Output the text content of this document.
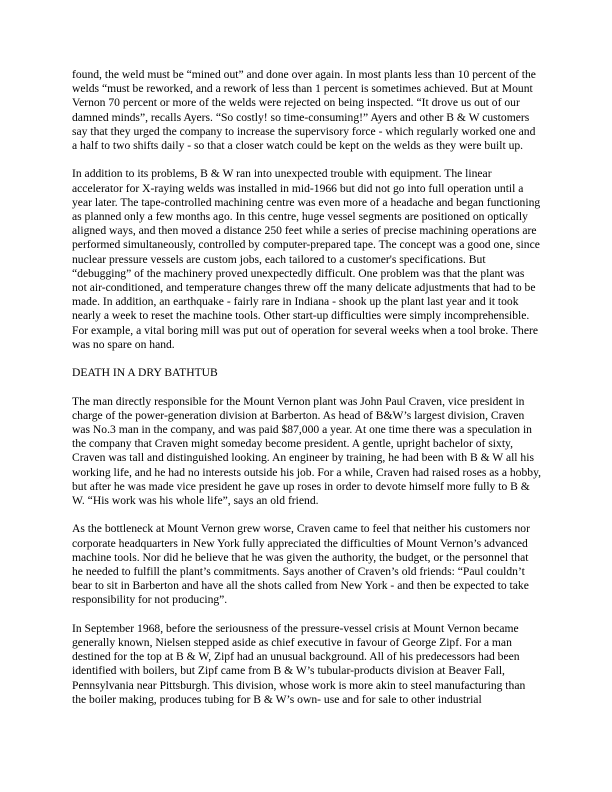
found, the weld must be “mined out” and done over again. In most plants less than 10 percent of the welds “must be reworked, and a rework of less than 1 percent is sometimes achieved. But at Mount Vernon 70 percent or more of the welds were rejected on being inspected. “It drove us out of our damned minds”, recalls Ayers. “So costly! so time-consuming!” Ayers and other B & W customers say that they urged the company to increase the supervisory force - which regularly worked one and a half to two shifts daily - so that a closer watch could be kept on the welds as they were built up.

In addition to its problems, B & W ran into unexpected trouble with equipment. The linear accelerator for X-raying welds was installed in mid-1966 but did not go into full operation until a year later. The tape-controlled machining centre was even more of a headache and began functioning as planned only a few months ago. In this centre, huge vessel segments are positioned on optically aligned ways, and then moved a distance 250 feet while a series of precise machining operations are performed simultaneously, controlled by computer-prepared tape. The concept was a good one, since nuclear pressure vessels are custom jobs, each tailored to a customer's specifications. But “debugging” of the machinery proved unexpectedly difficult. One problem was that the plant was not air-conditioned, and temperature changes threw off the many delicate adjustments that had to be made. In addition, an earthquake - fairly rare in Indiana - shook up the plant last year and it took nearly a week to reset the machine tools. Other start-up difficulties were simply incomprehensible. For example, a vital boring mill was put out of operation for several weeks when a tool broke. There was no spare on hand.

DEATH IN A DRY BATHTUB

The man directly responsible for the Mount Vernon plant was John Paul Craven, vice president in charge of the power-generation division at Barberton. As head of B&W’s largest division, Craven was No.3 man in the company, and was paid $87,000 a year. At one time there was a speculation in the company that Craven might someday become president. A gentle, upright bachelor of sixty, Craven was tall and distinguished looking. An engineer by training, he had been with B & W all his working life, and he had no interests outside his job. For a while, Craven had raised roses as a hobby, but after he was made vice president he gave up roses in order to devote himself more fully to B & W. “His work was his whole life”, says an old friend.

As the bottleneck at Mount Vernon grew worse, Craven came to feel that neither his customers nor corporate headquarters in New York fully appreciated the difficulties of Mount Vernon’s advanced machine tools. Nor did he believe that he was given the authority, the budget, or the personnel that he needed to fulfill the plant’s commitments. Says another of Craven’s old friends: “Paul couldn’t bear to sit in Barberton and have all the shots called from New York - and then be expected to take responsibility for not producing”.

In September 1968, before the seriousness of the pressure-vessel crisis at Mount Vernon became generally known, Nielsen stepped aside as chief executive in favour of George Zipf. For a man destined for the top at B & W, Zipf had an unusual background. All of his predecessors had been identified with boilers, but Zipf came from B & W’s tubular-products division at Beaver Fall, Pennsylvania near Pittsburgh. This division, whose work is more akin to steel manufacturing than the boiler making, produces tubing for B & W’s own- use and for sale to other industrial
